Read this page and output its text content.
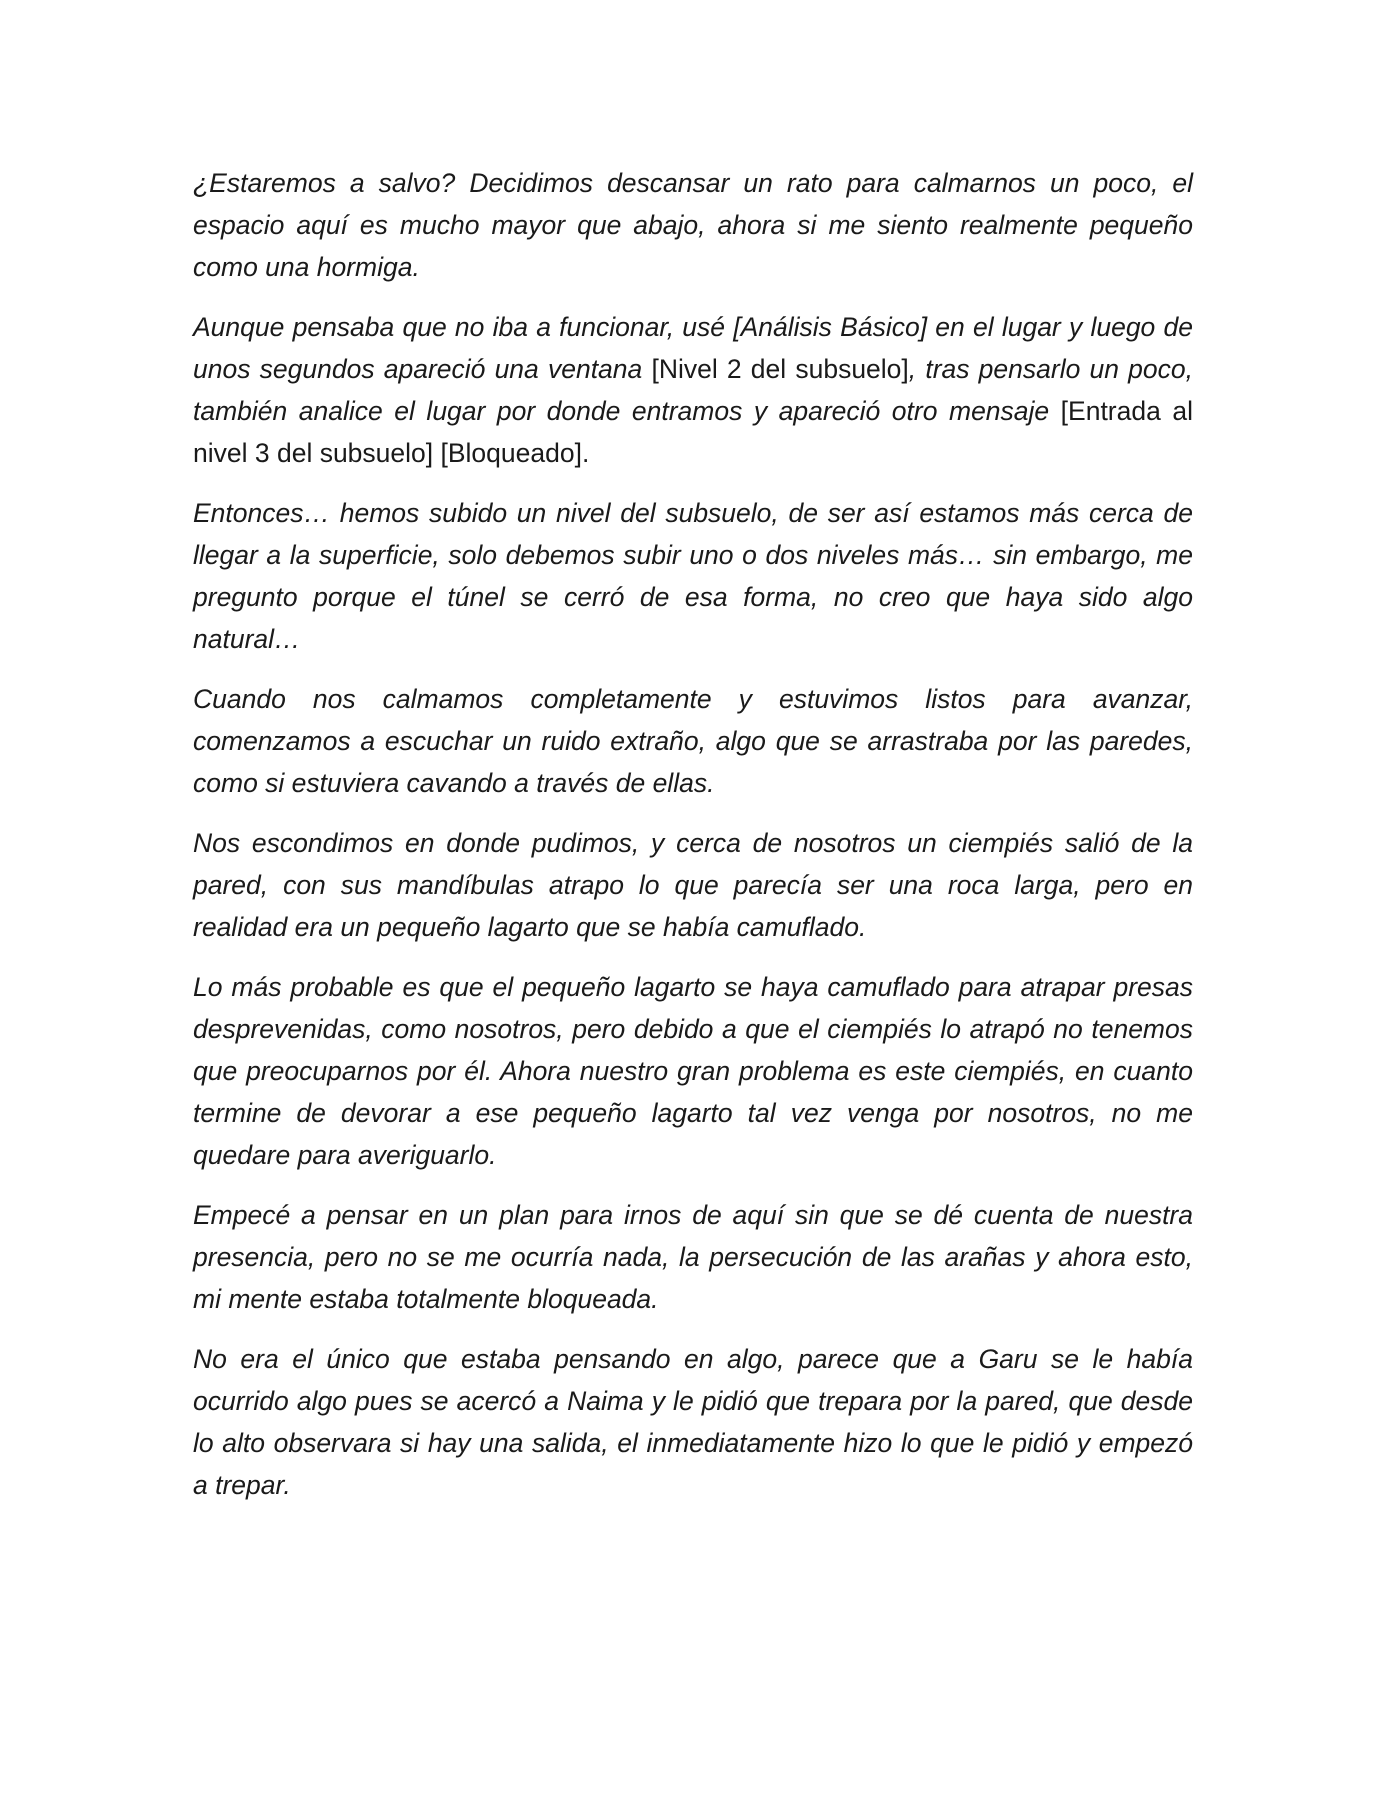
¿Estaremos a salvo? Decidimos descansar un rato para calmarnos un poco, el espacio aquí es mucho mayor que abajo, ahora si me siento realmente pequeño como una hormiga.

Aunque pensaba que no iba a funcionar, usé [Análisis Básico] en el lugar y luego de unos segundos apareció una ventana [Nivel 2 del subsuelo], tras pensarlo un poco, también analice el lugar por donde entramos y apareció otro mensaje [Entrada al nivel 3 del subsuelo] [Bloqueado].

Entonces… hemos subido un nivel del subsuelo, de ser así estamos más cerca de llegar a la superficie, solo debemos subir uno o dos niveles más… sin embargo, me pregunto porque el túnel se cerró de esa forma, no creo que haya sido algo natural…

Cuando nos calmamos completamente y estuvimos listos para avanzar, comenzamos a escuchar un ruido extraño, algo que se arrastraba por las paredes, como si estuviera cavando a través de ellas.

Nos escondimos en donde pudimos, y cerca de nosotros un ciempiés salió de la pared, con sus mandíbulas atrapo lo que parecía ser una roca larga, pero en realidad era un pequeño lagarto que se había camuflado.

Lo más probable es que el pequeño lagarto se haya camuflado para atrapar presas desprevenidas, como nosotros, pero debido a que el ciempiés lo atrapó no tenemos que preocuparnos por él. Ahora nuestro gran problema es este ciempiés, en cuanto termine de devorar a ese pequeño lagarto tal vez venga por nosotros, no me quedare para averiguarlo.

Empecé a pensar en un plan para irnos de aquí sin que se dé cuenta de nuestra presencia, pero no se me ocurría nada, la persecución de las arañas y ahora esto, mi mente estaba totalmente bloqueada.

No era el único que estaba pensando en algo, parece que a Garu se le había ocurrido algo pues se acercó a Naima y le pidió que trepara por la pared, que desde lo alto observara si hay una salida, el inmediatamente hizo lo que le pidió y empezó a trepar.
